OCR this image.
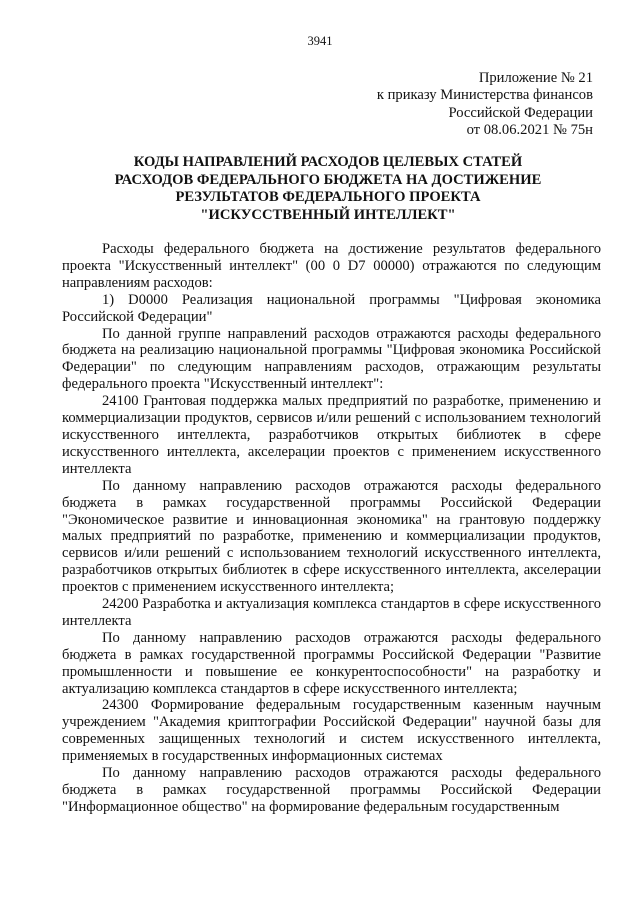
3941
Приложение № 21
к приказу Министерства финансов
Российской Федерации
от 08.06.2021 № 75н
КОДЫ НАПРАВЛЕНИЙ РАСХОДОВ ЦЕЛЕВЫХ СТАТЕЙ
РАСХОДОВ ФЕДЕРАЛЬНОГО БЮДЖЕТА НА ДОСТИЖЕНИЕ
РЕЗУЛЬТАТОВ ФЕДЕРАЛЬНОГО ПРОЕКТА
"ИСКУССТВЕННЫЙ ИНТЕЛЛЕКТ"

Расходы федерального бюджета на достижение результатов федерального проекта "Искусственный интеллект" (00 0 D7 00000) отражаются по следующим направлениям расходов:

1) D0000 Реализация национальной программы "Цифровая экономика Российской Федерации"

По данной группе направлений расходов отражаются расходы федерального бюджета на реализацию национальной программы "Цифровая экономика Российской Федерации" по следующим направлениям расходов, отражающим результаты федерального проекта "Искусственный интеллект":

24100 Грантовая поддержка малых предприятий по разработке, применению и коммерциализации продуктов, сервисов и/или решений с использованием технологий искусственного интеллекта, разработчиков открытых библиотек в сфере искусственного интеллекта, акселерации проектов с применением искусственного интеллекта

По данному направлению расходов отражаются расходы федерального бюджета в рамках государственной программы Российской Федерации "Экономическое развитие и инновационная экономика" на грантовую поддержку малых предприятий по разработке, применению и коммерциализации продуктов, сервисов и/или решений с использованием технологий искусственного интеллекта, разработчиков открытых библиотек в сфере искусственного интеллекта, акселерации проектов с применением искусственного интеллекта;

24200 Разработка и актуализация комплекса стандартов в сфере искусственного интеллекта

По данному направлению расходов отражаются расходы федерального бюджета в рамках государственной программы Российской Федерации "Развитие промышленности и повышение ее конкурентоспособности" на разработку и актуализацию комплекса стандартов в сфере искусственного интеллекта;

24300 Формирование федеральным государственным казенным научным учреждением "Академия криптографии Российской Федерации" научной базы для современных защищенных технологий и систем искусственного интеллекта, применяемых в государственных информационных системах

По данному направлению расходов отражаются расходы федерального бюджета в рамках государственной программы Российской Федерации "Информационное общество" на формирование федеральным государственным
